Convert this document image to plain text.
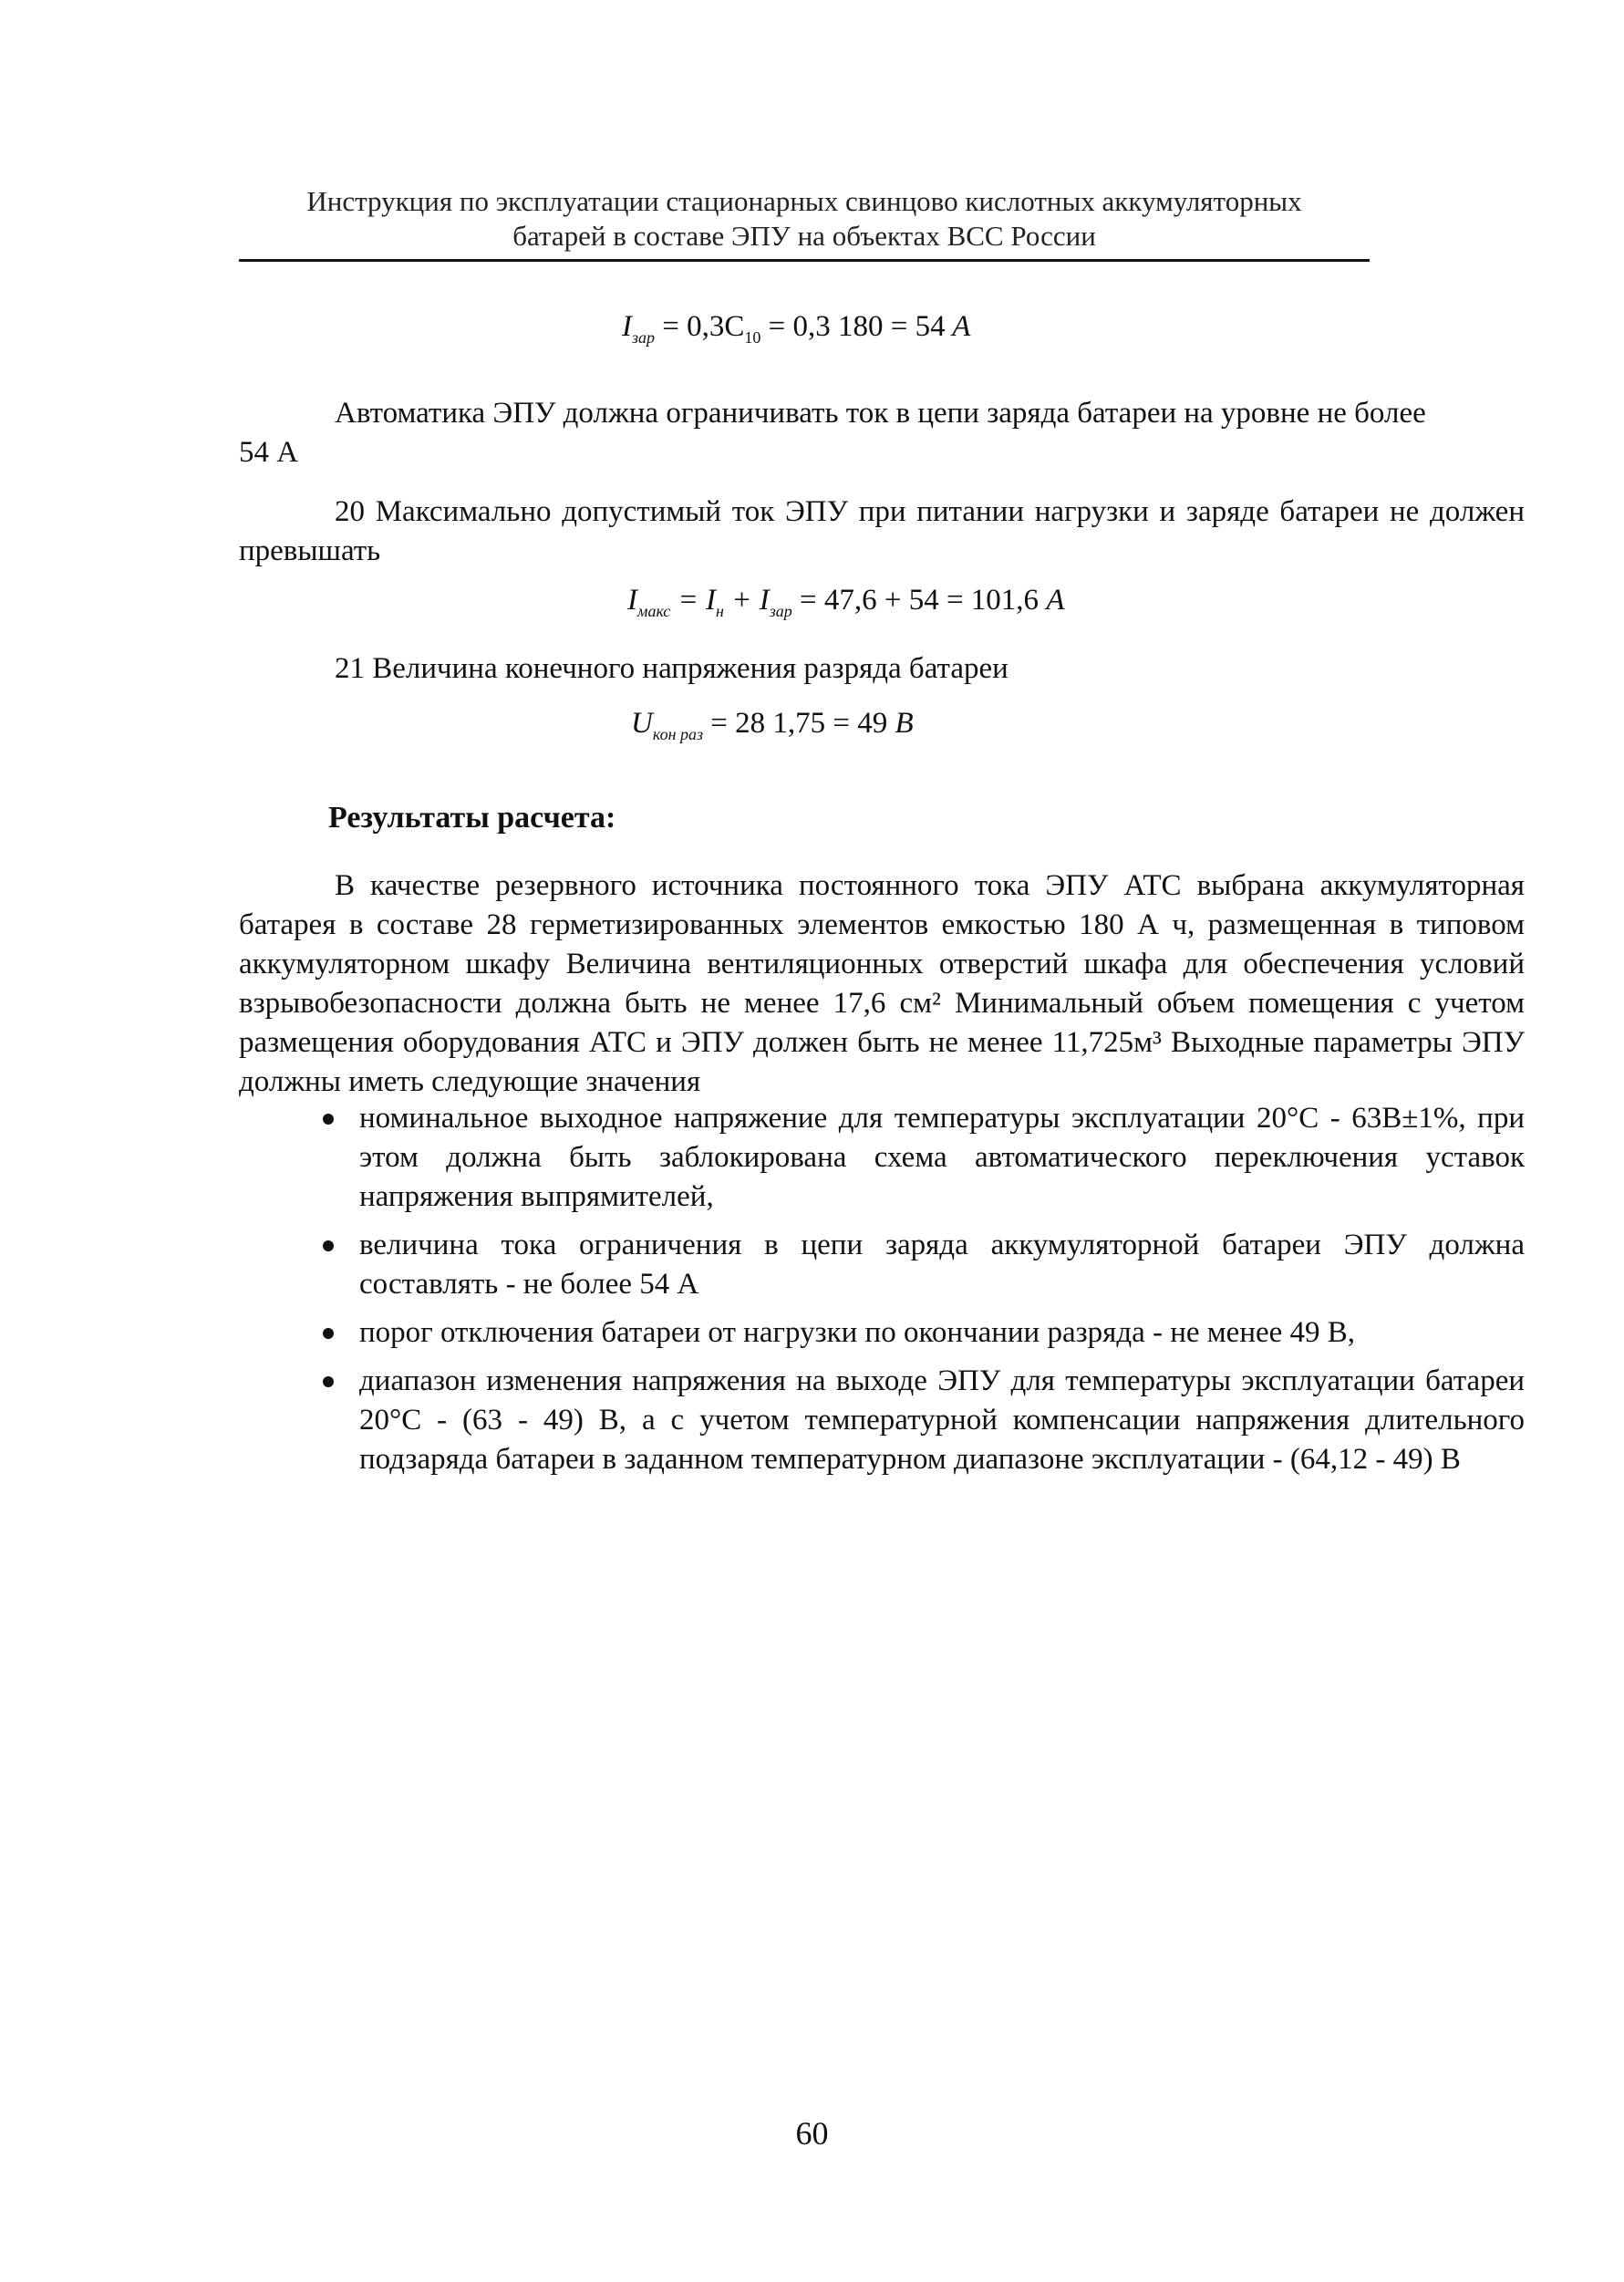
Инструкция по эксплуатации стационарных свинцово кислотных аккумуляторных
батарей в составе ЭПУ на объектах ВСС России
$I_{зар} = 0,3C_{10} = 0,3$ 180 = 54 A
Автоматика ЭПУ должна ограничивать ток в цепи заряда батареи на уровне не более
54 А
20 Максимально допустимый ток ЭПУ при питании нагрузки и заряде батареи не должен превышать
$I_{макс} = I_н + I_{зар} = 47,6 + 54 = 101,6$ A
21 Величина конечного напряжения разряда батареи
$U_{кон раз} = 28$ 1,75 = 49 B
Результаты расчета:
В качестве резервного источника постоянного тока ЭПУ АТС выбрана аккумуляторная батарея в составе 28 герметизированных элементов емкостью 180 А ч, размещенная в типовом аккумуляторном шкафу Величина вентиляционных отверстий шкафа для обеспечения условий взрывобезопасности должна быть не менее 17,6 см² Минимальный объем помещения с учетом размещения оборудования АТС и ЭПУ должен быть не менее 11,725м³ Выходные параметры ЭПУ должны иметь следующие значения
номинальное выходное напряжение для температуры эксплуатации 20°С - 63В±1%, при этом должна быть заблокирована схема автоматического переключения уставок напряжения выпрямителей,
величина тока ограничения в цепи заряда аккумуляторной батареи ЭПУ должна составлять - не более 54 А
порог отключения батареи от нагрузки по окончании разряда - не менее 49 В,
диапазон изменения напряжения на выходе ЭПУ для температуры эксплуатации батареи 20°С - (63 - 49) В, а с учетом температурной компенсации напряжения длительного подзаряда батареи в заданном температурном диапазоне эксплуатации - (64,12 - 49) В
60
